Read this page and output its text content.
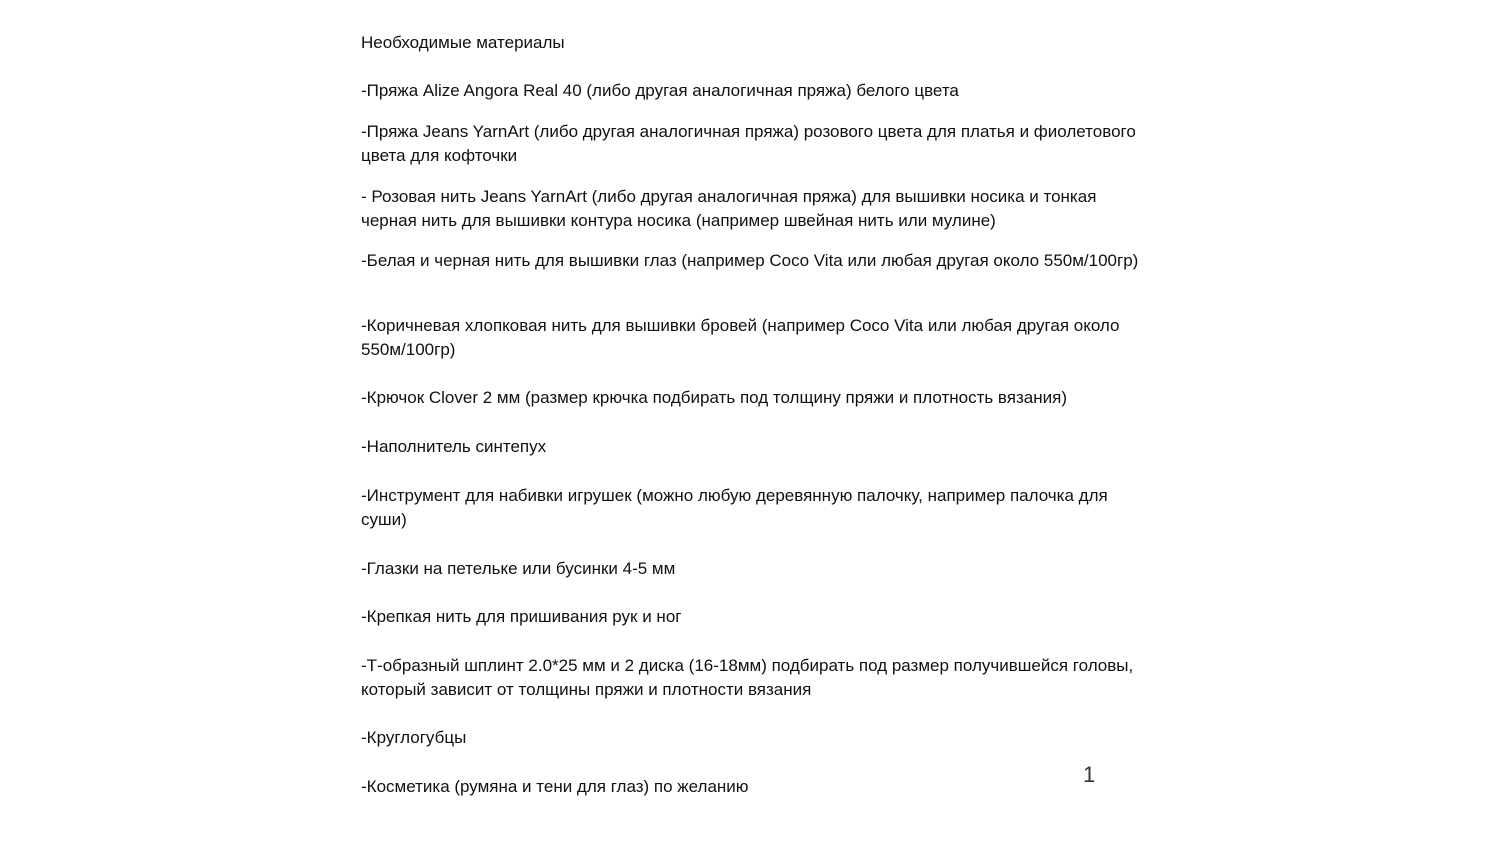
Необходимые материалы
-Пряжа Alize Angora Real 40 (либо другая аналогичная пряжа) белого цвета
-Пряжа Jeans YarnArt (либо другая аналогичная пряжа) розового цвета для платья и фиолетового цвета для кофточки
- Розовая нить Jeans YarnArt (либо другая аналогичная пряжа) для вышивки носика и тонкая черная нить для вышивки контура носика (например швейная нить или мулине)
-Белая и черная нить для вышивки глаз (например Coco Vita или любая другая около 550м/100гр)
-Коричневая хлопковая нить для вышивки бровей (например Coco Vita или любая другая около 550м/100гр)
-Крючок Clover 2 мм (размер крючка подбирать под толщину пряжи и плотность вязания)
-Наполнитель синтепух
-Инструмент для набивки игрушек (можно любую деревянную палочку, например палочка для суши)
-Глазки на петельке или бусинки 4-5 мм
-Крепкая нить для пришивания рук и ног
-Т-образный шплинт 2.0*25 мм и 2 диска (16-18мм) подбирать под размер получившейся головы, который зависит от толщины пряжи и плотности вязания
-Круглогубцы
-Косметика (румяна и тени для глаз) по желанию	1
